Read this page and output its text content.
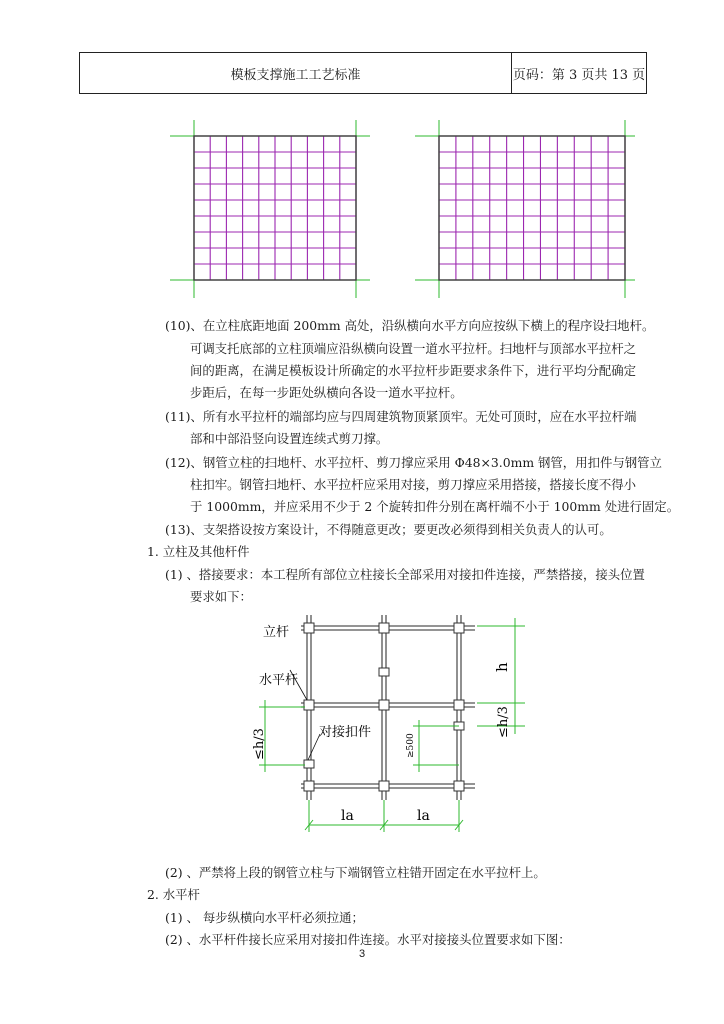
模板支撑施工工艺标准	页码：第 3 页共 13 页
(10)、在立柱底距地面 200mm 高处，沿纵横向水平方向应按纵下横上的程序设扫地杆。
可调支托底部的立柱顶端应沿纵横向设置一道水平拉杆。扫地杆与顶部水平拉杆之
间的距离，在满足模板设计所确定的水平拉杆步距要求条件下，进行平均分配确定
步距后，在每一步距处纵横向各设一道水平拉杆。
(11)、所有水平拉杆的端部均应与四周建筑物顶紧顶牢。无处可顶时，应在水平拉杆端
部和中部沿竖向设置连续式剪刀撑。
(12)、钢管立柱的扫地杆、水平拉杆、剪刀撑应采用 Φ48×3.0mm 钢管，用扣件与钢管立
柱扣牢。钢管扫地杆、水平拉杆应采用对接，剪刀撑应采用搭接，搭接长度不得小
于 1000mm，并应采用不少于 2 个旋转扣件分别在离杆端不小于 100mm 处进行固定。
(13)、支架搭设按方案设计，不得随意更改；要更改必须得到相关负责人的认可。
1. 立柱及其他杆件
(1) 、搭接要求：本工程所有部位立柱接长全部采用对接扣件连接，严禁搭接，接头位置
要求如下：
立杆
水平杆
对接扣件
h
≤h/3
≤h/3
≥500
la	la
(2) 、严禁将上段的钢管立柱与下端钢管立柱错开固定在水平拉杆上。
2. 水平杆
(1) 、 每步纵横向水平杆必须拉通；
(2) 、水平杆件接长应采用对接扣件连接。水平对接接头位置要求如下图：
3
